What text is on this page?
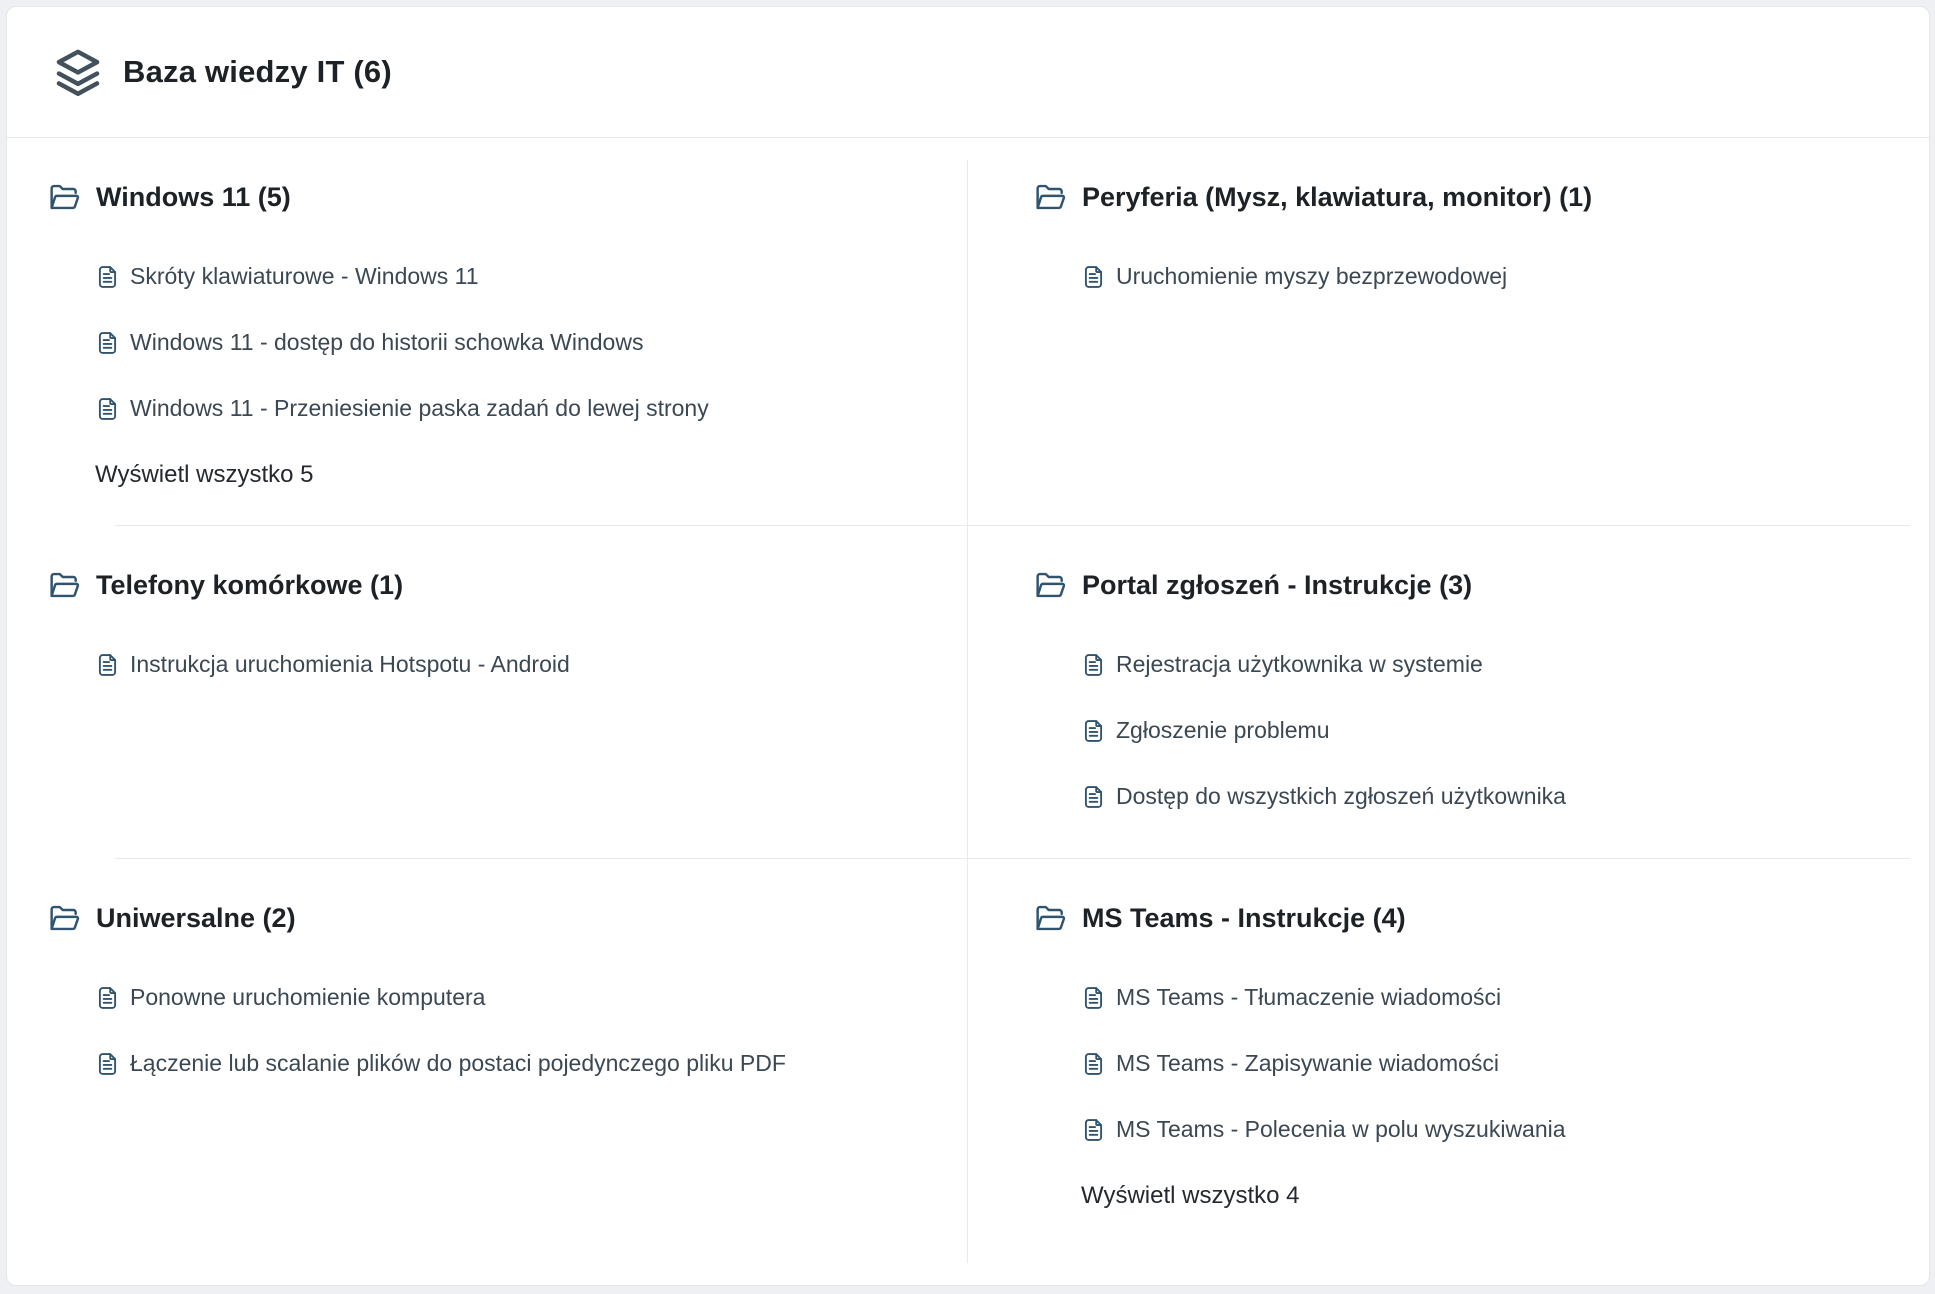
Baza wiedzy IT (6)
Windows 11 (5)
Skróty klawiaturowe - Windows 11
Windows 11 - dostęp do historii schowka Windows
Windows 11 - Przeniesienie paska zadań do lewej strony
Wyświetl wszystko 5
Peryferia (Mysz, klawiatura, monitor) (1)
Uruchomienie myszy bezprzewodowej
Telefony komórkowe (1)
Instrukcja uruchomienia Hotspotu - Android
Portal zgłoszeń - Instrukcje (3)
Rejestracja użytkownika w systemie
Zgłoszenie problemu
Dostęp do wszystkich zgłoszeń użytkownika
Uniwersalne (2)
Ponowne uruchomienie komputera
Łączenie lub scalanie plików do postaci pojedynczego pliku PDF
MS Teams - Instrukcje (4)
MS Teams - Tłumaczenie wiadomości
MS Teams - Zapisywanie wiadomości
MS Teams - Polecenia w polu wyszukiwania
Wyświetl wszystko 4
